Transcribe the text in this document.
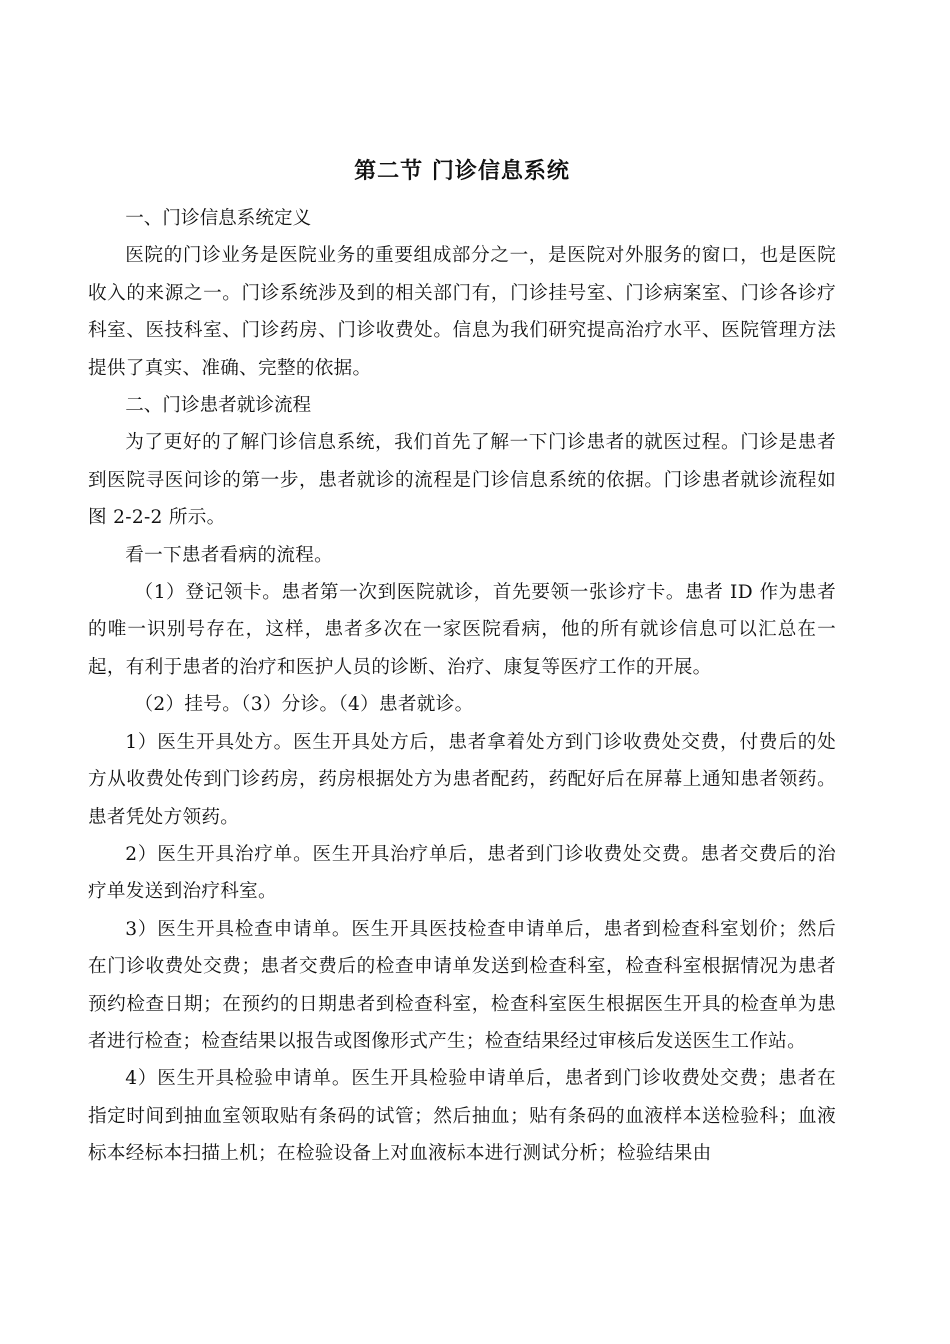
第二节 门诊信息系统

一、门诊信息系统定义

医院的门诊业务是医院业务的重要组成部分之一，是医院对外服务的窗口，也是医院收入的来源之一。门诊系统涉及到的相关部门有，门诊挂号室、门诊病案室、门诊各诊疗科室、医技科室、门诊药房、门诊收费处。信息为我们研究提高治疗水平、医院管理方法提供了真实、准确、完整的依据。

二、门诊患者就诊流程

为了更好的了解门诊信息系统，我们首先了解一下门诊患者的就医过程。门诊是患者到医院寻医问诊的第一步，患者就诊的流程是门诊信息系统的依据。门诊患者就诊流程如图 2-2-2 所示。

看一下患者看病的流程。

（1）登记领卡。患者第一次到医院就诊，首先要领一张诊疗卡。患者 ID 作为患者的唯一识别号存在，这样，患者多次在一家医院看病，他的所有就诊信息可以汇总在一起，有利于患者的治疗和医护人员的诊断、治疗、康复等医疗工作的开展。

（2）挂号。（3）分诊。（4）患者就诊。

1）医生开具处方。医生开具处方后，患者拿着处方到门诊收费处交费，付费后的处方从收费处传到门诊药房，药房根据处方为患者配药，药配好后在屏幕上通知患者领药。患者凭处方领药。

2）医生开具治疗单。医生开具治疗单后，患者到门诊收费处交费。患者交费后的治疗单发送到治疗科室。

3）医生开具检查申请单。医生开具医技检查申请单后，患者到检查科室划价；然后在门诊收费处交费；患者交费后的检查申请单发送到检查科室，检查科室根据情况为患者预约检查日期；在预约的日期患者到检查科室，检查科室医生根据医生开具的检查单为患者进行检查；检查结果以报告或图像形式产生；检查结果经过审核后发送医生工作站。

4）医生开具检验申请单。医生开具检验申请单后，患者到门诊收费处交费；患者在指定时间到抽血室领取贴有条码的试管；然后抽血；贴有条码的血液样本送检验科；血液标本经标本扫描上机；在检验设备上对血液标本进行测试分析；检验结果由
